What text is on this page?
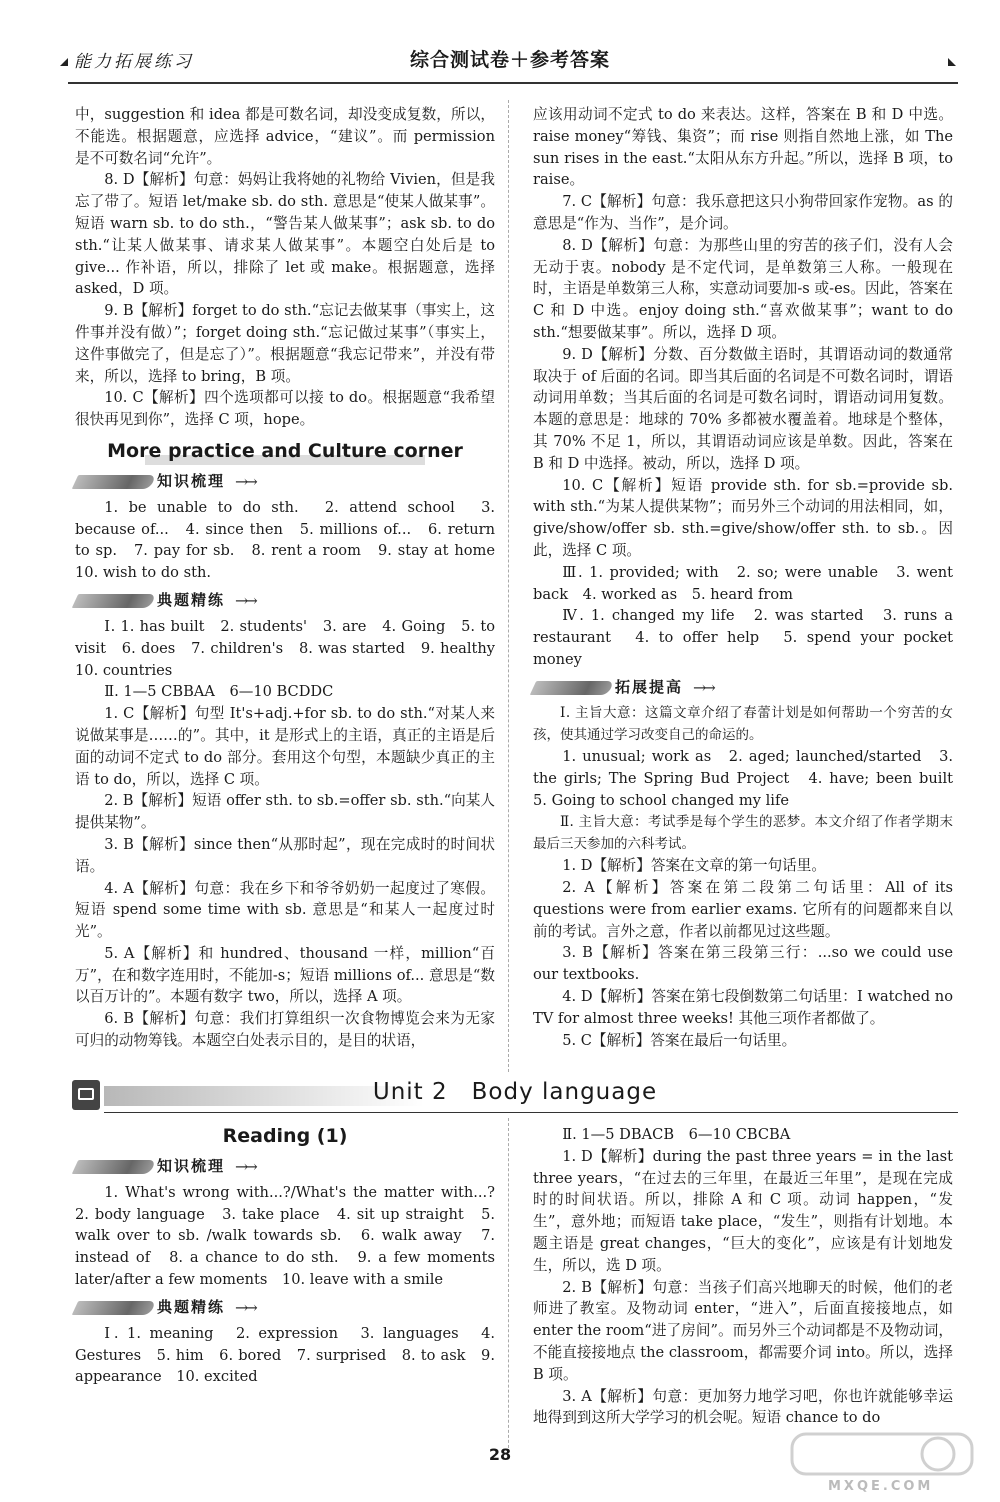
能力拓展练习	综合测试卷＋参考答案

中，suggestion 和 idea 都是可数名词，却没变成复数，所以，不能选。根据题意，应选择 advice，“建议”。而 permission 是不可数名词“允许”。

8. D【解析】句意：妈妈让我将她的礼物给 Vivien，但是我忘了带了。短语 let/make sb. do sth. 意思是“使某人做某事”。短语 warn sb. to do sth.，“警告某人做某事”；ask sb. to do sth.“让某人做某事、请求某人做某事”。本题空白处后是 to give... 作补语，所以，排除了 let 或 make。根据题意，选择 asked，D 项。

9. B【解析】forget to do sth.“忘记去做某事（事实上，这件事并没有做）”；forget doing sth.“忘记做过某事”（事实上，这件事做完了，但是忘了）”。根据题意“我忘记带来”，并没有带来，所以，选择 to bring，B 项。

10. C【解析】四个选项都可以接 to do。根据题意“我希望很快再见到你”，选择 C 项，hope。

More practice and Culture corner
知识梳理 →→

1. be unable to do sth.　2. attend school　3. because of...　4. since then　5. millions of...　6. return to sp.　7. pay for sb.　8. rent a room　9. stay at home　10. wish to do sth.

典题精练 →→

Ⅰ. 1. has built　2. students'　3. are　4. Going　5. to visit　6. does　7. children's　8. was started　9. healthy　10. countries

Ⅱ. 1—5 CBBAA　6—10 BCDDC

1. C【解析】句型 It's+adj.+for sb. to do sth.“对某人来说做某事是……的”。其中，it 是形式上的主语，真正的主语是后面的动词不定式 to do 部分。套用这个句型，本题缺少真正的主语 to do，所以，选择 C 项。

2. B【解析】短语 offer sth. to sb.=offer sb. sth.“向某人提供某物”。

3. B【解析】since then“从那时起”，现在完成时的时间状语。

4. A【解析】句意：我在乡下和爷爷奶奶一起度过了寒假。短语 spend some time with sb. 意思是“和某人一起度过时光”。

5. A【解析】和 hundred、thousand 一样，million“百万”，在和数字连用时，不能加-s；短语 millions of... 意思是“数以百万计的”。本题有数字 two，所以，选择 A 项。

6. B【解析】句意：我们打算组织一次食物博览会来为无家可归的动物筹钱。本题空白处表示目的，是目的状语，

应该用动词不定式 to do 来表达。这样，答案在 B 和 D 中选。raise money“筹钱、集资”；而 rise 则指自然地上涨，如 The sun rises in the east.“太阳从东方升起。”所以，选择 B 项，to raise。

7. C【解析】句意：我乐意把这只小狗带回家作宠物。as 的意思是“作为、当作”，是介词。

8. D【解析】句意：为那些山里的穷苦的孩子们，没有人会无动于衷。nobody 是不定代词，是单数第三人称。一般现在时，主语是单数第三人称，实意动词要加-s 或-es。因此，答案在 C 和 D 中选。enjoy doing sth.“喜欢做某事”；want to do sth.“想要做某事”。所以，选择 D 项。

9. D【解析】分数、百分数做主语时，其谓语动词的数通常取决于 of 后面的名词。即当其后面的名词是不可数名词时，谓语动词用单数；当其后面的名词是可数名词时，谓语动词用复数。本题的意思是：地球的 70% 多都被水覆盖着。地球是个整体，其 70% 不足 1，所以，其谓语动词应该是单数。因此，答案在 B 和 D 中选择。被动，所以，选择 D 项。

10. C【解析】短语 provide sth. for sb.=provide sb. with sth.“为某人提供某物”；而另外三个动词的用法相同，如，give/show/offer sb. sth.=give/show/offer sth. to sb.。因此，选择 C 项。

Ⅲ. 1. provided; with　2. so; were unable　3. went back　4. worked as　5. heard from

Ⅳ. 1. changed my life　2. was started　3. runs a restaurant　4. to offer help　5. spend your pocket money

拓展提高 →→

Ⅰ. 主旨大意：这篇文章介绍了春蕾计划是如何帮助一个穷苦的女孩，使其通过学习改变自己的命运的。

1. unusual; work as　2. aged; launched/started　3. the girls; The Spring Bud Project　4. have; been built　5. Going to school changed my life

Ⅱ. 主旨大意：考试季是每个学生的恶梦。本文介绍了作者学期末最后三天参加的六科考试。

1. D【解析】答案在文章的第一句话里。

2. A【解析】答案在第二段第二句话里：All of its questions were from earlier exams. 它所有的问题都来自以前的考试。言外之意，作者以前都见过这些题。

3. B【解析】答案在第三段第三行：...so we could use our textbooks.

4. D【解析】答案在第七段倒数第二句话里：I watched no TV for almost three weeks! 其他三项作者都做了。

5. C【解析】答案在最后一句话里。

Unit 2　Body language
Reading (1)
知识梳理 →→

1. What's wrong with...?/What's the matter with...?　2. body language　3. take place　4. sit up straight　5. walk over to sb. /walk towards sb.　6. walk away　7. instead of　8. a chance to do sth.　9. a few moments later/after a few moments　10. leave with a smile

典题精练 →→

Ⅰ. 1. meaning　2. expression　3. languages　4. Gestures　5. him　6. bored　7. surprised　8. to ask　9. appearance　10. excited

Ⅱ. 1—5 DBACB　6—10 CBCBA

1. D【解析】during the past three years = in the last three years，“在过去的三年里，在最近三年里”，是现在完成时的时间状语。所以，排除 A 和 C 项。动词 happen，“发生”，意外地；而短语 take place，“发生”，则指有计划地。本题主语是 great changes，“巨大的变化”，应该是有计划地发生，所以，选 D 项。

2. B【解析】句意：当孩子们高兴地聊天的时候，他们的老师进了教室。及物动词 enter，“进入”，后面直接接地点，如 enter the room“进了房间”。而另外三个动词都是不及物动词，不能直接接地点 the classroom，都需要介词 into。所以，选择 B 项。

3. A【解析】句意：更加努力地学习吧，你也许就能够幸运地得到到这所大学学习的机会呢。短语 chance to do

28
MXQE.COM
